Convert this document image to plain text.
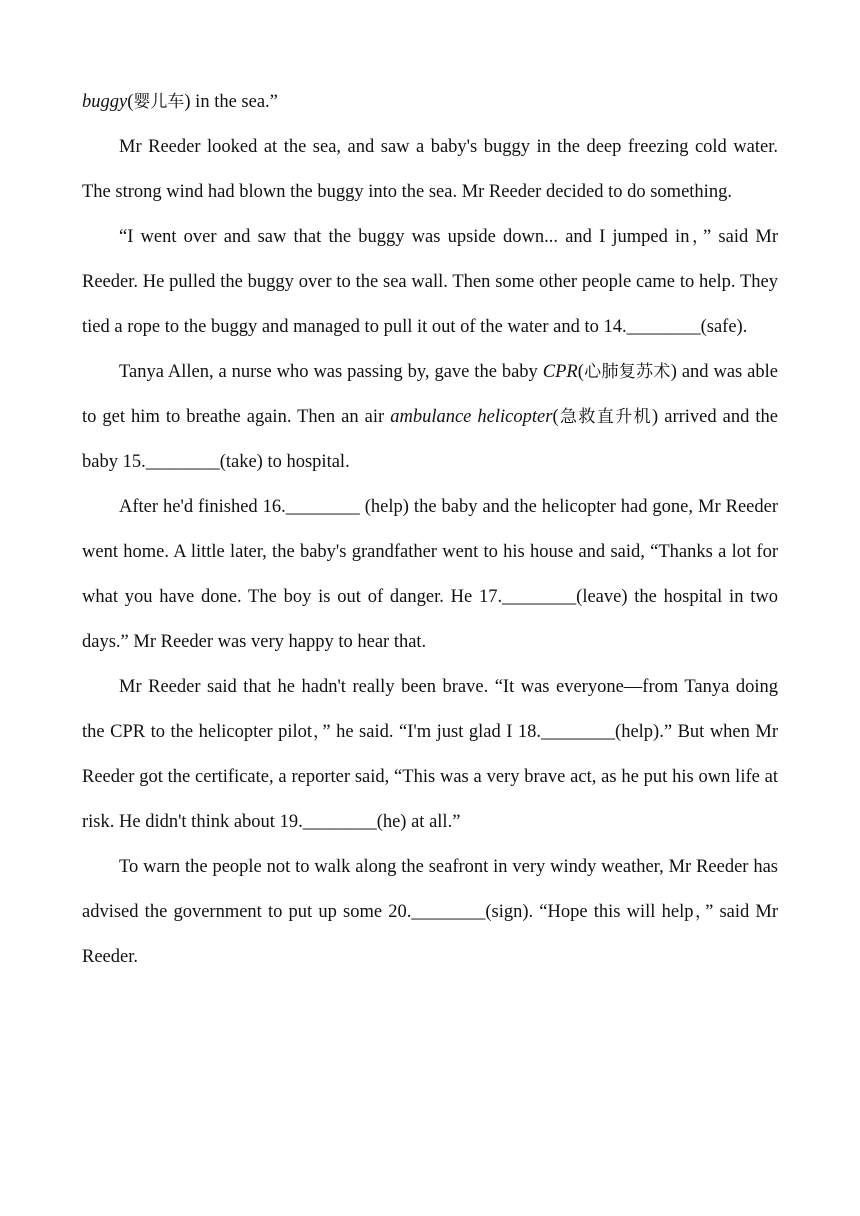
buggy(婴儿车) in the sea.”

Mr Reeder looked at the sea, and saw a baby's buggy in the deep freezing cold water. The strong wind had blown the buggy into the sea. Mr Reeder decided to do something.

“I went over and saw that the buggy was upside down... and I jumped in，” said Mr Reeder. He pulled the buggy over to the sea wall. Then some other people came to help. They tied a rope to the buggy and managed to pull it out of the water and to 14.________(safe).

Tanya Allen, a nurse who was passing by, gave the baby CPR(心肺复苏术) and was able to get him to breathe again. Then an air ambulance helicopter(急救直升机) arrived and the baby 15.________(take) to hospital.

After he'd finished 16.________ (help) the baby and the helicopter had gone, Mr Reeder went home. A little later, the baby's grandfather went to his house and said, “Thanks a lot for what you have done. The boy is out of danger. He 17.________(leave) the hospital in two days.” Mr Reeder was very happy to hear that.

Mr Reeder said that he hadn't really been brave. “It was everyone—from Tanya doing the CPR to the helicopter pilot，” he said. “I'm just glad I 18.________(help).” But when Mr Reeder got the certificate, a reporter said, “This was a very brave act, as he put his own life at risk. He didn't think about 19.________(he) at all.”

To warn the people not to walk along the seafront in very windy weather, Mr Reeder has advised the government to put up some 20.________(sign). “Hope this will help，” said Mr Reeder.
